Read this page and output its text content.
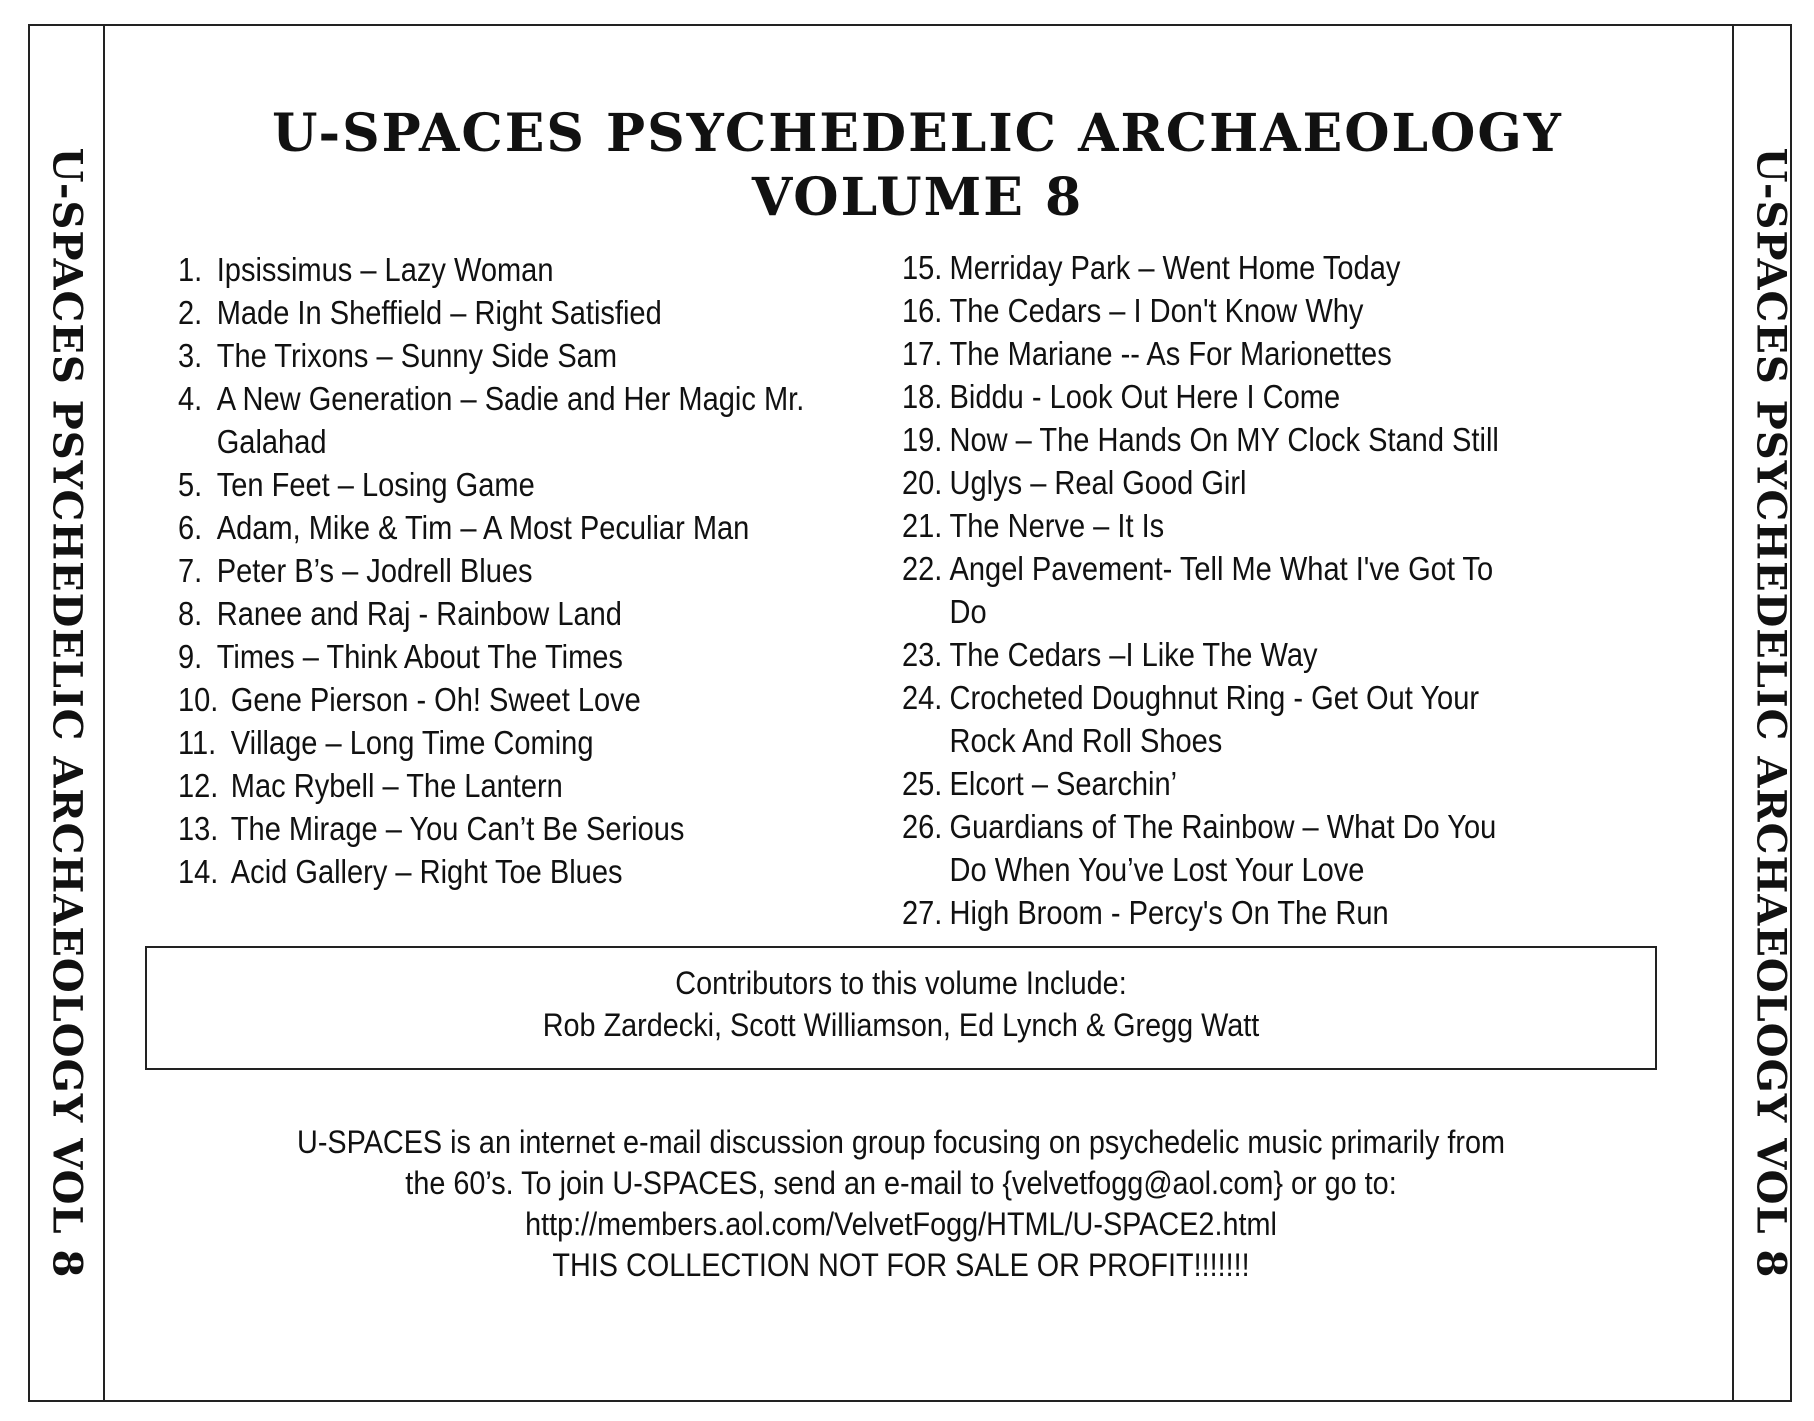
U-SPACES PSYCHEDELIC ARCHAEOLOGY VOL 8	U-SPACES PSYCHEDELIC ARCHAEOLOGY VOL 8
U-SPACES PSYCHEDELIC ARCHAEOLOGY
VOLUME 8
1. Ipsissimus – Lazy Woman
2. Made In Sheffield – Right Satisfied
3. The Trixons – Sunny Side Sam
4. A New Generation – Sadie and Her Magic Mr. Galahad
5. Ten Feet – Losing Game
6. Adam, Mike & Tim – A Most Peculiar Man
7. Peter B’s – Jodrell Blues
8. Ranee and Raj - Rainbow Land
9. Times – Think About The Times
10. Gene Pierson - Oh! Sweet Love
11. Village – Long Time Coming
12. Mac Rybell – The Lantern
13. The Mirage – You Can’t Be Serious
14. Acid Gallery – Right Toe Blues
15. Merriday Park – Went Home Today
16. The Cedars – I Don't Know Why
17. The Mariane -- As For Marionettes
18. Biddu - Look Out Here I Come
19. Now – The Hands On MY Clock Stand Still
20. Uglys – Real Good Girl
21. The Nerve – It Is
22. Angel Pavement- Tell Me What I've Got To Do
23. The Cedars –I Like The Way
24. Crocheted Doughnut Ring - Get Out Your Rock And Roll Shoes
25. Elcort – Searchin’
26. Guardians of The Rainbow – What Do You Do When You’ve Lost Your Love
27. High Broom - Percy's On The Run
Contributors to this volume Include:
Rob Zardecki, Scott Williamson, Ed Lynch & Gregg Watt
U-SPACES is an internet e-mail discussion group focusing on psychedelic music primarily from
the 60’s. To join U-SPACES, send an e-mail to {velvetfogg@aol.com} or go to:
http://members.aol.com/VelvetFogg/HTML/U-SPACE2.html
THIS COLLECTION NOT FOR SALE OR PROFIT!!!!!!!
